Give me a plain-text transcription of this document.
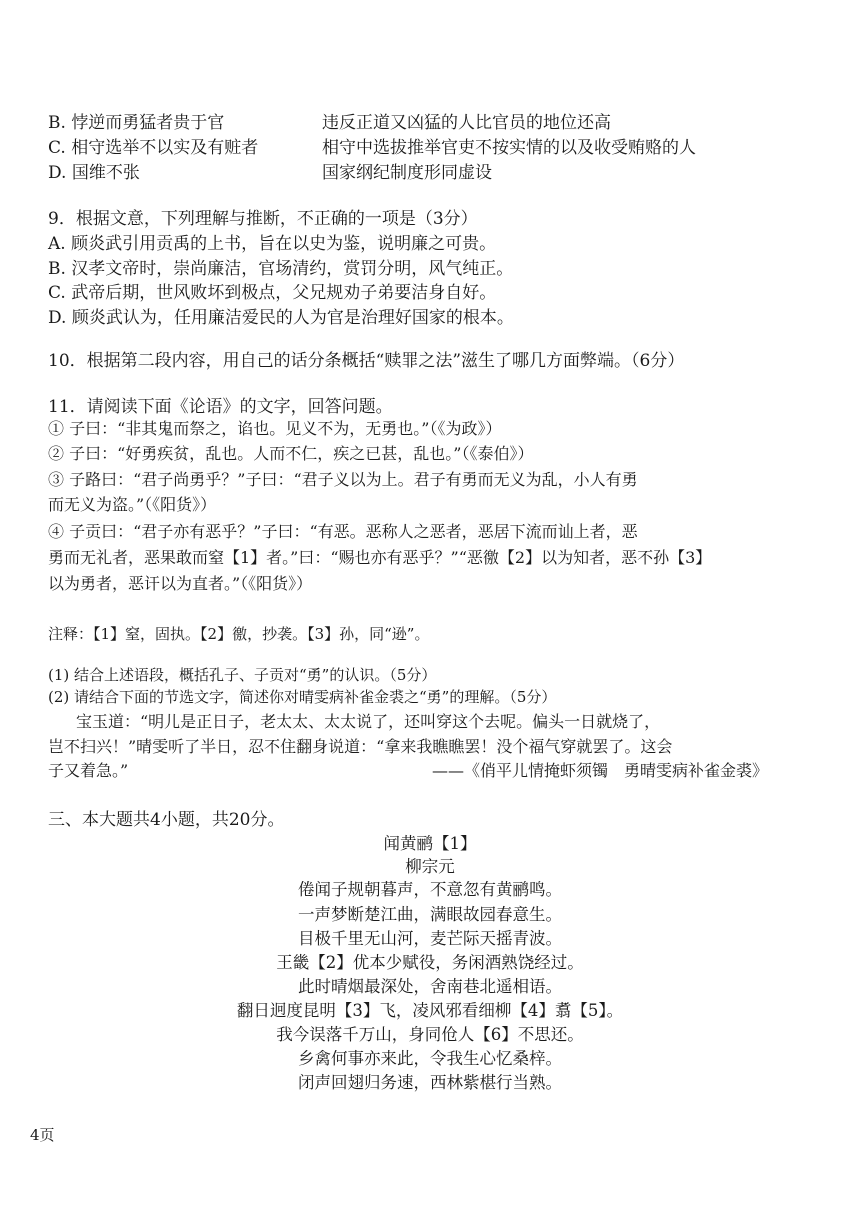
B. 悖逆而勇猛者贵于官	违反正道又凶猛的人比官员的地位还高
C. 相守选举不以实及有赃者	相守中选拔推举官吏不按实情的以及收受贿赂的人
D. 国维不张	国家纲纪制度形同虚设
9．根据文意，下列理解与推断，不正确的一项是（3分）
A. 顾炎武引用贡禹的上书，旨在以史为鉴，说明廉之可贵。
B. 汉孝文帝时，崇尚廉洁，官场清约，赏罚分明，风气纯正。
C. 武帝后期，世风败坏到极点，父兄规劝子弟要洁身自好。
D. 顾炎武认为，任用廉洁爱民的人为官是治理好国家的根本。
10．根据第二段内容，用自己的话分条概括“赎罪之法”滋生了哪几方面弊端。（6分）
11．请阅读下面《论语》的文字，回答问题。
① 子曰：“非其鬼而祭之，谄也。见义不为，无勇也。”（《为政》）
② 子曰：“好勇疾贫，乱也。人而不仁，疾之已甚，乱也。”（《泰伯》）
③ 子路曰：“君子尚勇乎？”子曰：“君子义以为上。君子有勇而无义为乱，小人有勇
而无义为盗。”（《阳货》）
④ 子贡曰：“君子亦有恶乎？”子曰：“有恶。恶称人之恶者，恶居下流而讪上者，恶
勇而无礼者，恶果敢而窒【1】者。”曰：“赐也亦有恶乎？”“恶徼【2】以为知者，恶不孙【3】
以为勇者，恶讦以为直者。”（《阳货》）
注释：【1】窒，固执。【2】徼，抄袭。【3】孙，同“逊”。
(1) 结合上述语段，概括孔子、子贡对“勇”的认识。（5分）
(2) 请结合下面的节选文字，简述你对晴雯病补雀金裘之“勇”的理解。（5分）
宝玉道：“明儿是正日子，老太太、太太说了，还叫穿这个去呢。偏头一日就烧了，
岂不扫兴！”晴雯听了半日，忍不住翻身说道：“拿来我瞧瞧罢！没个福气穿就罢了。这会
子又着急。”	——《俏平儿情掩虾须镯　勇晴雯病补雀金裘》
三、本大题共4小题，共20分。
闻黄鹂【1】
柳宗元
倦闻子规朝暮声，不意忽有黄鹂鸣。
一声梦断楚江曲，满眼故园春意生。
目极千里无山河，麦芒际天摇青波。
王畿【2】优本少赋役，务闲酒熟饶经过。
此时晴烟最深处，舍南巷北遥相语。
翻日迥度昆明【3】飞，凌风邪看细柳【4】翥【5】。
我今误落千万山，身同伧人【6】不思还。
乡禽何事亦来此，令我生心忆桑梓。
闭声回翅归务速，西林紫椹行当熟。
4页
